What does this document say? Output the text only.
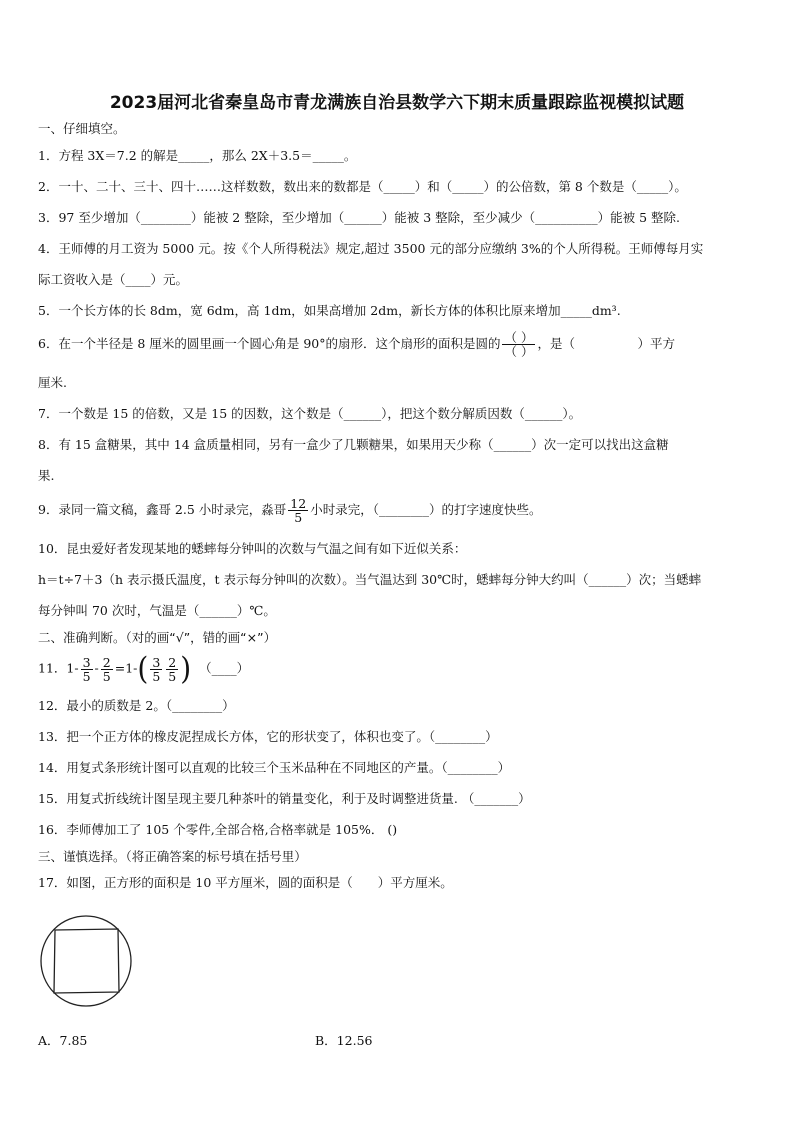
2023届河北省秦皇岛市青龙满族自治县数学六下期末质量跟踪监视模拟试题
一、仔细填空。
1．方程 3X＝7.2 的解是_____，那么 2X＋3.5＝_____。
2．一十、二十、三十、四十……这样数数，数出来的数都是（_____）和（_____）的公倍数，第 8 个数是（_____）。
3．97 至少增加（________）能被 2 整除，至少增加（______）能被 3 整除，至少减少（__________）能被 5 整除.
4．王师傅的月工资为 5000 元。按《个人所得税法》规定,超过 3500 元的部分应缴纳 3%的个人所得税。王师傅每月实
际工资收入是（____）元。
5．一个长方体的长 8dm，宽 6dm，高 1dm，如果高增加 2dm，新长方体的体积比原来增加_____dm³.
6．在一个半径是 8 厘米的圆里画一个圆心角是 90°的扇形．这个扇形的面积是圆的 $\frac{( )}{( )}$ ，是（　　　　　）平方
厘米.
7．一个数是 15 的倍数，又是 15 的因数，这个数是（______），把这个数分解质因数（______）。
8．有 15 盒糖果，其中 14 盒质量相同，另有一盒少了几颗糖果，如果用天少称（______）次一定可以找出这盒糖
果.
9．录同一篇文稿，鑫哥 2.5 小时录完，淼哥 $\frac{12}{5}$ 小时录完，（________）的打字速度快些。
10．昆虫爱好者发现某地的蟋蟀每分钟叫的次数与气温之间有如下近似关系：
h＝t÷7＋3（h 表示摄氏温度，t 表示每分钟叫的次数）。当气温达到 30℃时，蟋蟀每分钟大约叫（______）次；当蟋蟀
每分钟叫 70 次时，气温是（______）℃。
二、准确判断。（对的画“√”，错的画“×”）
11．$1- \frac{3}{5} - \frac{2}{5} =1-( \frac{3}{5} \frac{2}{5}$ ) （____）
12．最小的质数是 2。（________）
13．把一个正方体的橡皮泥捏成长方体，它的形状变了，体积也变了。（________）
14．用复式条形统计图可以直观的比较三个玉米品种在不同地区的产量。（________）
15．用复式折线统计图呈现主要几种茶叶的销量变化，利于及时调整进货量. （_______）
16．李师傅加工了 105 个零件,全部合格,合格率就是 105%． ()
三、谨慎选择。（将正确答案的标号填在括号里）
17．如图，正方形的面积是 10 平方厘米，圆的面积是（　　）平方厘米。
A．7.85	B．12.56
